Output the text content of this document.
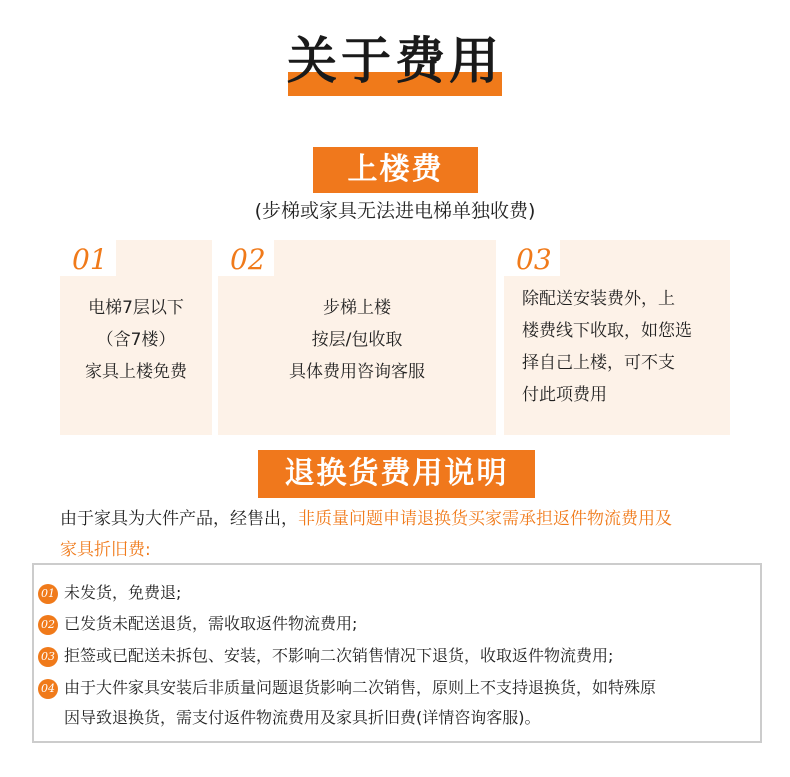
关于费用
上楼费
(步梯或家具无法进电梯单独收费)
01
电梯7层以下
（含7楼）
家具上楼免费
02
步梯上楼
按层/包收取
具体费用咨询客服
03
除配送安装费外，上
楼费线下收取，如您选
择自己上楼，可不支
付此项费用
退换货费用说明
由于家具为大件产品，经售出，非质量问题申请退换货买家需承担返件物流费用及
家具折旧费:
01 未发货，免费退;
02 已发货未配送退货，需收取返件物流费用;
03 拒签或已配送未拆包、安装，不影响二次销售情况下退货，收取返件物流费用;
04 由于大件家具安装后非质量问题退货影响二次销售，原则上不支持退换货，如特殊原
因导致退换货，需支付返件物流费用及家具折旧费(详情咨询客服)。
